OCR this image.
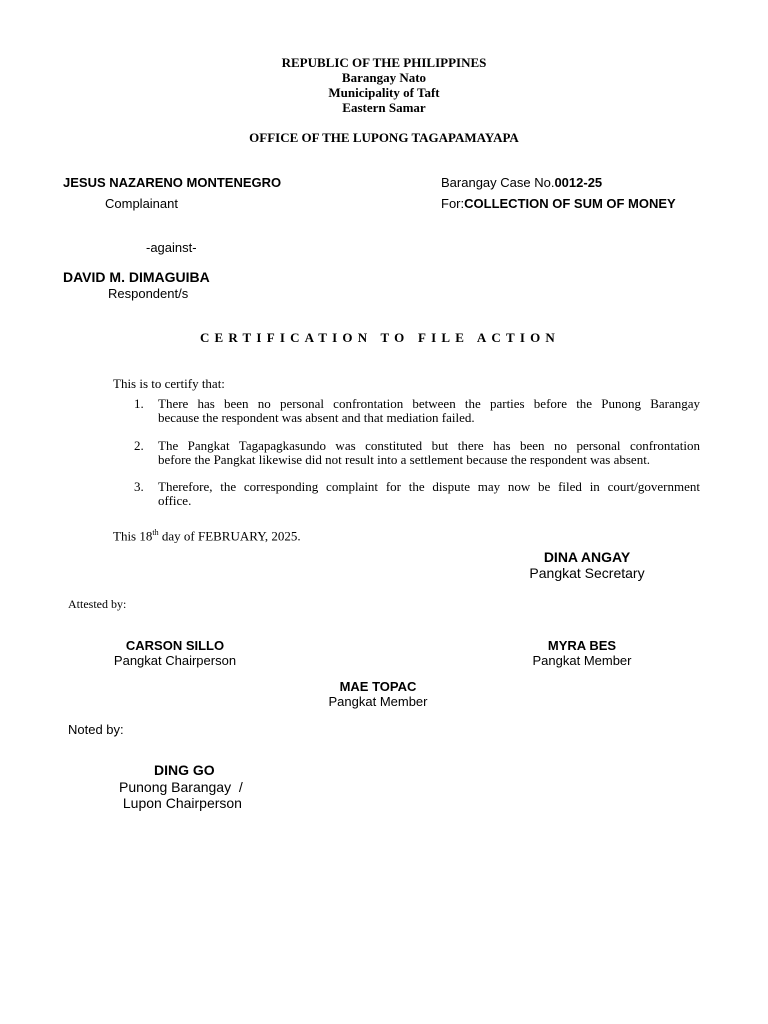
REPUBLIC OF THE PHILIPPINES
Barangay Nato
Municipality of Taft
Eastern Samar
OFFICE OF THE LUPONG TAGAPAMAYAPA
JESUS NAZARENO MONTENEGRO
Complainant
Barangay Case No.0012-25
For:COLLECTION OF SUM OF MONEY
-against-
DAVID M. DIMAGUIBA
Respondent/s
CERTIFICATION TO FILE ACTION
This is to certify that:
1.	There has been no personal confrontation between the parties before the Punong Barangay
because the respondent was absent and that mediation failed.
2.	The Pangkat Tagapagkasundo was constituted but there has been no personal confrontation
before the Pangkat likewise did not result into a settlement because the respondent was absent.
3.	Therefore, the corresponding complaint for the dispute may now be filed in court/government
office.
This 18th day of FEBRUARY, 2025.
DINA ANGAY
Pangkat Secretary
Attested by:
CARSON SILLO
Pangkat Chairperson
MYRA BES
Pangkat Member
MAE TOPAC
Pangkat Member
Noted by:
DING GO
Punong Barangay  /
Lupon Chairperson
